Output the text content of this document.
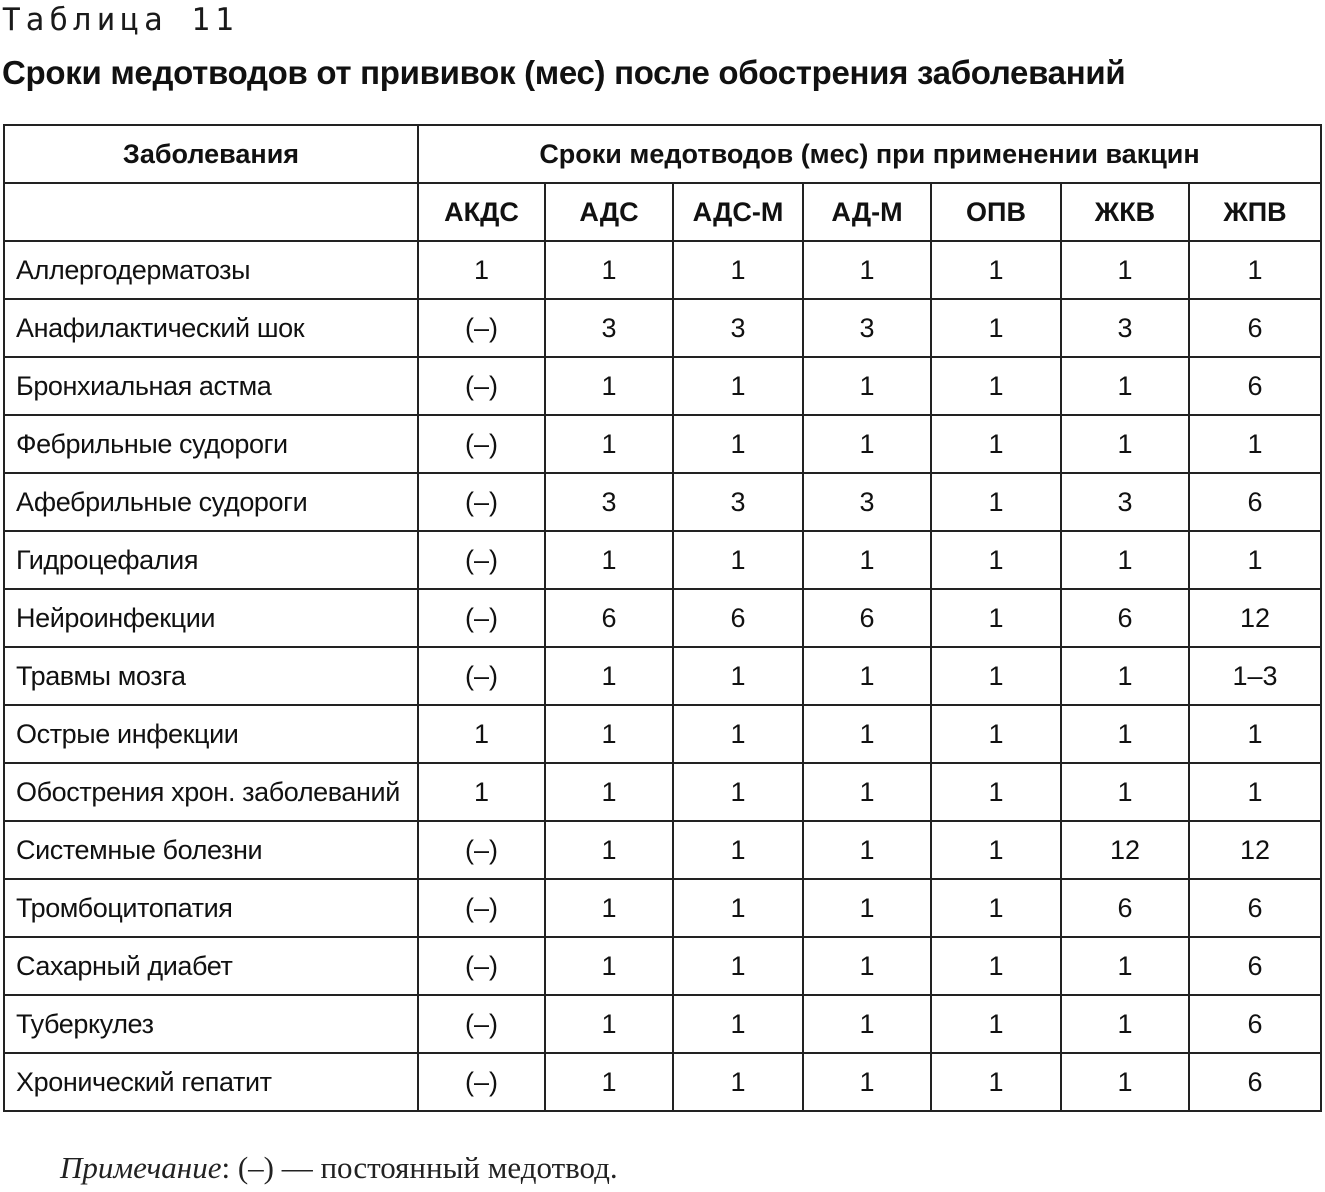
Таблица 11
Сроки медотводов от прививок (мес) после обострения заболеваний
Заболевания	Сроки медотводов (мес) при применении вакцин						
	АКДС	АДС	АДС-М	АД-М	ОПВ	ЖКВ	ЖПВ
Аллергодерматозы	1	1	1	1	1	1	1
Анафилактический шок	(–)	3	3	3	1	3	6
Бронхиальная астма	(–)	1	1	1	1	1	6
Фебрильные судороги	(–)	1	1	1	1	1	1
Афебрильные судороги	(–)	3	3	3	1	3	6
Гидроцефалия	(–)	1	1	1	1	1	1
Нейроинфекции	(–)	6	6	6	1	6	12
Травмы мозга	(–)	1	1	1	1	1	1–3
Острые инфекции	1	1	1	1	1	1	1
Обострения хрон. заболеваний	1	1	1	1	1	1	1
Системные болезни	(–)	1	1	1	1	12	12
Тромбоцитопатия	(–)	1	1	1	1	6	6
Сахарный диабет	(–)	1	1	1	1	1	6
Туберкулез	(–)	1	1	1	1	1	6
Хронический гепатит	(–)	1	1	1	1	1	6
Примечание: (–) — постоянный медотвод.
